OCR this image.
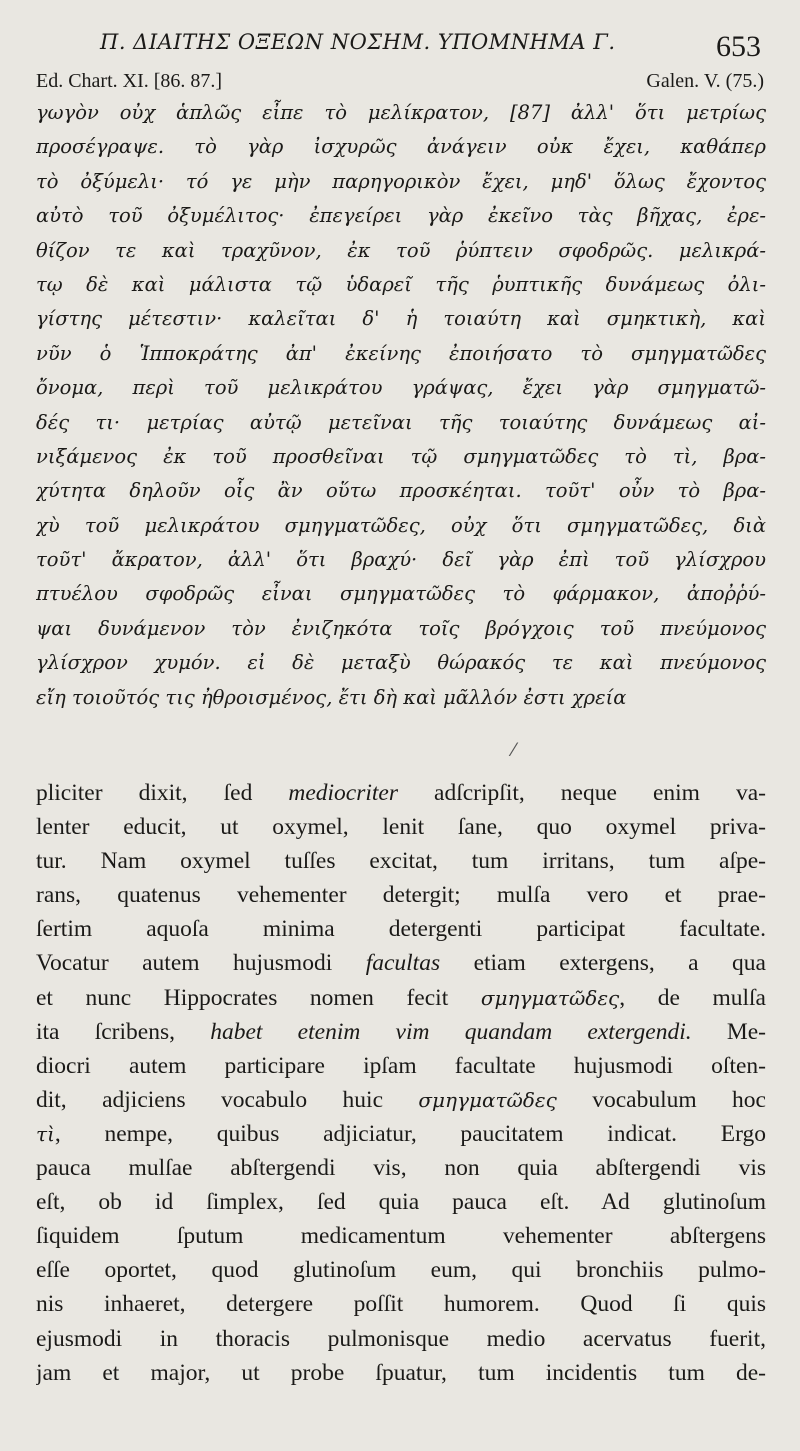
Π. ΔΙΑΙΤΗΣ ΟΞΕΩΝ ΝΟΣΗΜ. ΥΠΟΜΝΗΜΑ Γ.	653
Ed. Chart. XI. [86. 87.]	Galen. V. (75.)
γωγὸν οὐχ ἁπλῶς εἶπε τὸ μελίκρατον, [87] ἀλλ' ὅτι μετρίως
προσέγραψε. τὸ γὰρ ἰσχυρῶς ἀνάγειν οὐκ ἔχει, καθάπερ
τὸ ὀξύμελι· τό γε μὴν παρηγορικὸν ἔχει, μηδ' ὅλως ἔχοντος
αὐτὸ τοῦ ὀξυμέλιτος· ἐπεγείρει γὰρ ἐκεῖνο τὰς βῆχας, ἐρε-
θίζον τε καὶ τραχῦνον, ἐκ τοῦ ῥύπτειν σφοδρῶς. μελικρά-
τῳ δὲ καὶ μάλιστα τῷ ὑδαρεῖ τῆς ῥυπτικῆς δυνάμεως ὀλι-
γίστης μέτεστιν· καλεῖται δ' ἡ τοιαύτη καὶ σμηκτικὴ, καὶ
νῦν ὁ Ἱπποκράτης ἀπ' ἐκείνης ἐποιήσατο τὸ σμηγματῶδες
ὄνομα, περὶ τοῦ μελικράτου γράψας, ἔχει γὰρ σμηγματῶ-
δές τι· μετρίας αὐτῷ μετεῖναι τῆς τοιαύτης δυνάμεως αἰ-
νιξάμενος ἐκ τοῦ προσθεῖναι τῷ σμηγματῶδες τὸ τὶ, βρα-
χύτητα δηλοῦν οἷς ἂν οὕτω προσκέηται. τοῦτ' οὖν τὸ βρα-
χὺ τοῦ μελικράτου σμηγματῶδες, οὐχ ὅτι σμηγματῶδες, διὰ
τοῦτ' ἄκρατον, ἀλλ' ὅτι βραχύ· δεῖ γὰρ ἐπὶ τοῦ γλίσχρου
πτυέλου σφοδρῶς εἶναι σμηγματῶδες τὸ φάρμακον, ἀποῤῥύ-
ψαι δυνάμενον τὸν ἐνιζηκότα τοῖς βρόγχοις τοῦ πνεύμονος
γλίσχρον χυμόν. εἰ δὲ μεταξὺ θώρακός τε καὶ πνεύμονος
εἴη τοιοῦτός τις ἠθροισμένος, ἔτι δὴ καὶ μᾶλλόν ἐστι χρεία
⁄
pliciter dixit, ſed mediocriter adſcripſit, neque enim va-
lenter educit, ut oxymel, lenit ſane, quo oxymel priva-
tur. Nam oxymel tuſſes excitat, tum irritans, tum aſpe-
rans, quatenus vehementer detergit; mulſa vero et prae-
ſertim aquoſa minima detergenti participat facultate.
Vocatur autem hujusmodi facultas etiam extergens, a qua
et nunc Hippocrates nomen fecit σμηγματῶδες, de mulſa
ita ſcribens, habet etenim vim quandam extergendi. Me-
diocri autem participare ipſam facultate hujusmodi oſten-
dit, adjiciens vocabulo huic σμηγματῶδες vocabulum hoc
τὶ, nempe, quibus adjiciatur, paucitatem indicat. Ergo
pauca mulſae abſtergendi vis, non quia abſtergendi vis
eſt, ob id ſimplex, ſed quia pauca eſt. Ad glutinoſum
ſiquidem ſputum medicamentum vehementer abſtergens
eſſe oportet, quod glutinoſum eum, qui bronchiis pulmo-
nis inhaeret, detergere poſſit humorem. Quod ſi quis
ejusmodi in thoracis pulmonisque medio acervatus fuerit,
jam et major, ut probe ſpuatur, tum incidentis tum de-
